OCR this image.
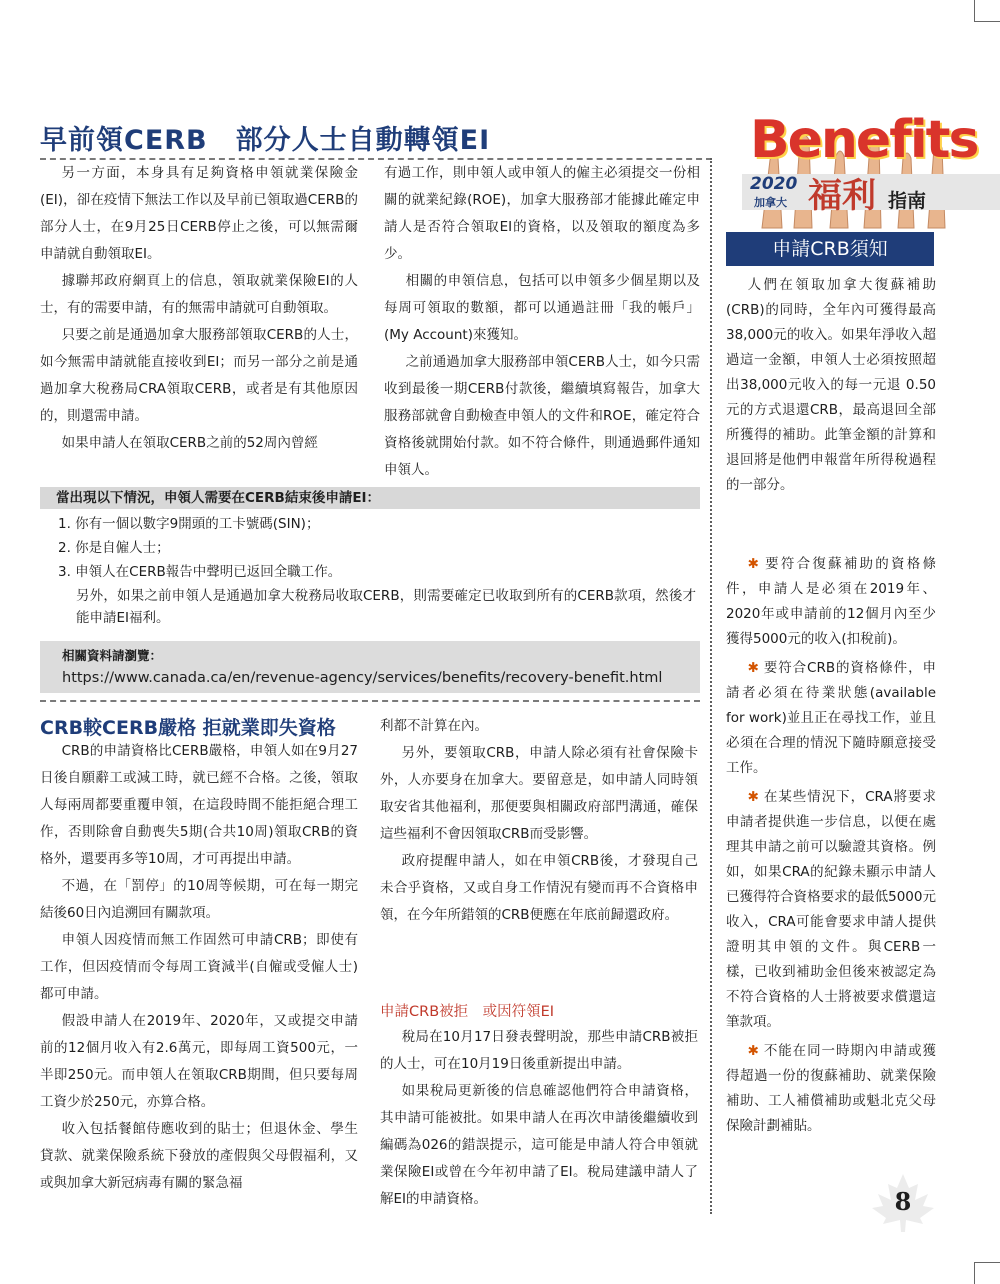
Benefits
2020
加拿大 福利 指南
早前領CERB　部分人士自動轉領EI

另一方面，本身具有足夠資格申領就業保險金(EI)，卻在疫情下無法工作以及早前已領取過CERB的部分人士，在9月25日CERB停止之後，可以無需爾申請就自動領取EI。

據聯邦政府網頁上的信息，領取就業保險EI的人士，有的需要申請，有的無需申請就可自動領取。

只要之前是通過加拿大服務部領取CERB的人士，如今無需申請就能直接收到EI；而另一部分之前是通過加拿大稅務局CRA領取CERB，或者是有其他原因的，則還需申請。

如果申請人在領取CERB之前的52周內曾經

有過工作，則申領人或申領人的僱主必須提交一份相關的就業紀錄(ROE)，加拿大服務部才能據此確定申請人是否符合領取EI的資格，以及領取的額度為多少。

相關的申領信息，包括可以申領多少個星期以及每周可領取的數額，都可以通過註冊「我的帳戶」(My Account)來獲知。

之前通過加拿大服務部申領CERB人士，如今只需收到最後一期CERB付款後，繼續填寫報告，加拿大服務部就會自動檢查申領人的文件和ROE，確定符合資格後就開始付款。如不符合條件，則通過郵件通知申領人。

當出現以下情況，申領人需要在CERB結束後申請EI：
1. 你有一個以數字9開頭的工卡號碼(SIN)；
2. 你是自僱人士；
3. 申領人在CERB報告中聲明已返回全職工作。
另外，如果之前申領人是通過加拿大稅務局收取CERB，則需要確定已收取到所有的CERB款項，然後才能申請EI福利。
相關資料請瀏覽：
https://www.canada.ca/en/revenue-agency/services/benefits/recovery-benefit.html
CRB較CERB嚴格 拒就業即失資格

CRB的申請資格比CERB嚴格，申領人如在9月27日後自願辭工或減工時，就已經不合格。之後，領取人每兩周都要重覆申領，在這段時間不能拒絕合理工作，否則除會自動喪失5期(合共10周)領取CRB的資格外，還要再多等10周，才可再提出申請。

不過，在「罰停」的10周等候期，可在每一期完結後60日內追溯回有關款項。

申領人因疫情而無工作固然可申請CRB；即使有工作，但因疫情而令每周工資減半(自僱或受僱人士)都可申請。

假設申請人在2019年、2020年，又或提交申請前的12個月收入有2.6萬元，即每周工資500元，一半即250元。而申領人在領取CRB期間，但只要每周工資少於250元，亦算合格。

收入包括餐館侍應收到的貼士；但退休金、學生貸款、就業保險系統下發放的產假與父母假福利，又或與加拿大新冠病毒有關的緊急福

利都不計算在內。

另外，要領取CRB，申請人除必須有社會保險卡外，人亦要身在加拿大。要留意是，如申請人同時領取安省其他福利，那便要與相關政府部門溝通，確保這些福利不會因領取CRB而受影響。

政府提醒申請人，如在申領CRB後，才發現自己未合乎資格，又或自身工作情況有變而再不合資格申領，在今年所錯領的CRB便應在年底前歸還政府。

申請CRB被拒　或因符領EI

稅局在10月17日發表聲明說，那些申請CRB被拒的人士，可在10月19日後重新提出申請。

如果稅局更新後的信息確認他們符合申請資格，其申請可能被批。如果申請人在再次申請後繼續收到編碼為026的錯誤提示，這可能是申請人符合申領就業保險EI或曾在今年初申請了EI。稅局建議申請人了解EI的申請資格。

申請CRB須知

人們在領取加拿大復蘇補助(CRB)的同時，全年內可獲得最高38,000元的收入。如果年淨收入超過這一金額，申領人士必須按照超出38,000元收入的每一元退 0.50元的方式退還CRB，最高退回全部所獲得的補助。此筆金額的計算和退回將是他們申報當年所得稅過程的一部分。

✱ 要符合復蘇補助的資格條件，申請人是必須在2019年、2020年或申請前的12個月內至少獲得5000元的收入(扣稅前)。

✱ 要符合CRB的資格條件，申請者必須在待業狀態(available for work)並且正在尋找工作，並且必須在合理的情況下隨時願意接受工作。

✱ 在某些情況下，CRA將要求申請者提供進一步信息，以便在處理其申請之前可以驗證其資格。例如，如果CRA的紀錄未顯示申請人已獲得符合資格要求的最低5000元收入，CRA可能會要求申請人提供證明其申領的文件。與CERB一樣，已收到補助金但後來被認定為不符合資格的人士將被要求償還這筆款項。

✱ 不能在同一時期內申請或獲得超過一份的復蘇補助、就業保險補助、工人補償補助或魁北克父母保險計劃補貼。

8
